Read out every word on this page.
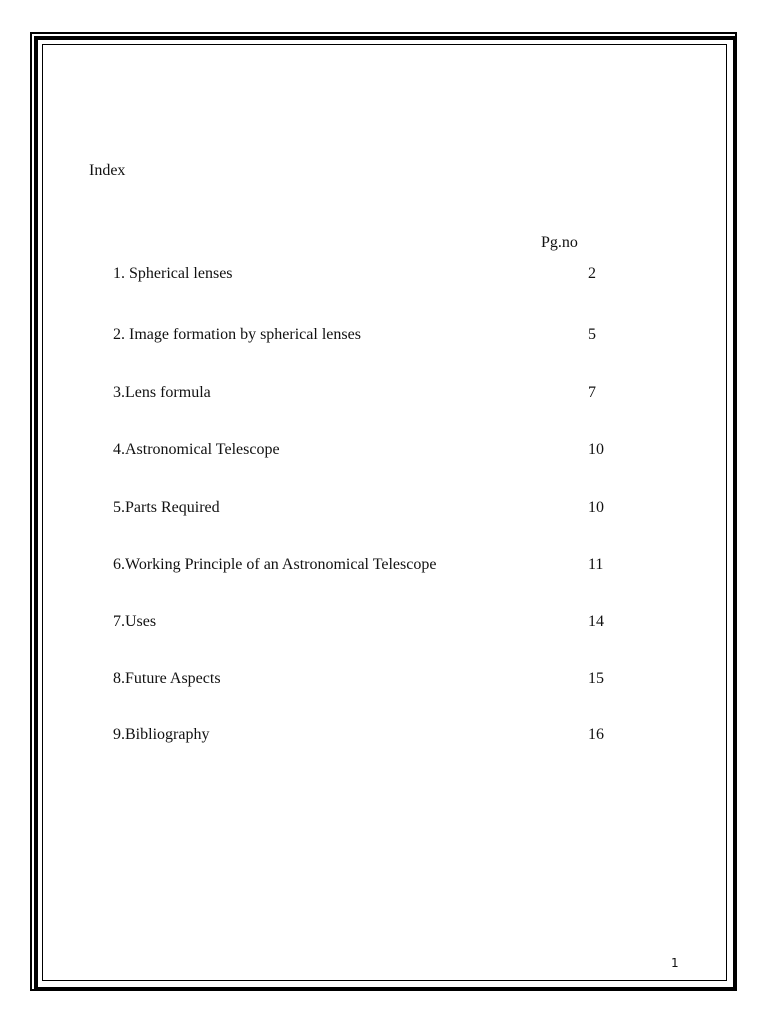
Index
Pg.no
1. Spherical lenses	2
2. Image formation by spherical lenses	5
3.Lens formula	7
4.Astronomical Telescope	10
5.Parts Required	10
6.Working Principle of an Astronomical Telescope	11
7.Uses	14
8.Future Aspects	15
9.Bibliography	16
1
